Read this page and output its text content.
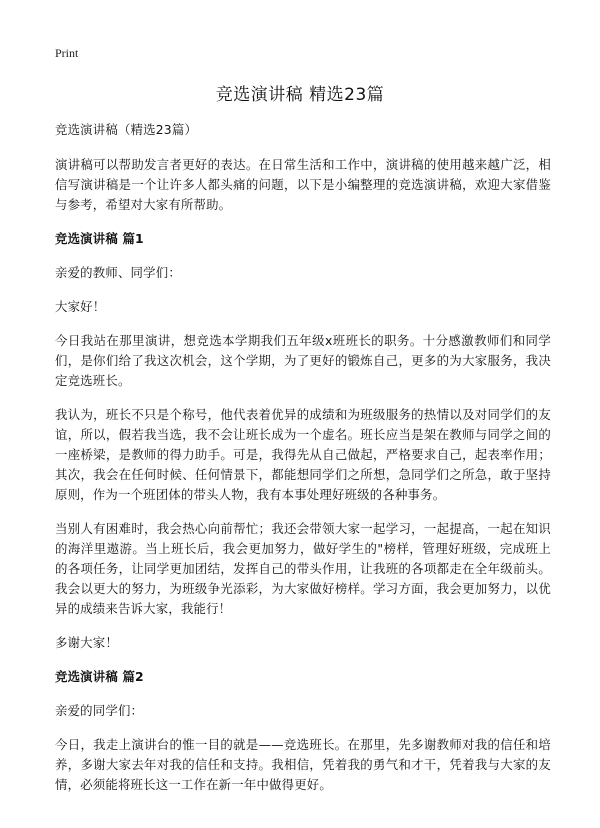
Print
竞选演讲稿 精选23篇

竞选演讲稿（精选23篇）

演讲稿可以帮助发言者更好的表达。在日常生活和工作中，演讲稿的使用越来越广泛，相信写演讲稿是一个让许多人都头痛的问题，以下是小编整理的竞选演讲稿，欢迎大家借鉴与参考，希望对大家有所帮助。

竞选演讲稿 篇1

亲爱的教师、同学们：

大家好！

今日我站在那里演讲，想竞选本学期我们五年级x班班长的职务。十分感激教师们和同学们，是你们给了我这次机会，这个学期，为了更好的锻炼自己，更多的为大家服务，我决定竞选班长。

我认为，班长不只是个称号，他代表着优异的成绩和为班级服务的热情以及对同学们的友谊，所以，假若我当选，我不会让班长成为一个虚名。班长应当是架在教师与同学之间的一座桥梁，是教师的得力助手。可是，我得先从自己做起，严格要求自己，起表率作用；其次，我会在任何时候、任何情景下，都能想同学们之所想，急同学们之所急，敢于坚持原则，作为一个班团体的带头人物，我有本事处理好班级的各种事务。

当别人有困难时，我会热心向前帮忙；我还会带领大家一起学习，一起提高，一起在知识的海洋里遨游。当上班长后，我会更加努力，做好学生的"榜样，管理好班级，完成班上的各项任务，让同学更加团结，发挥自己的带头作用，让我班的各项都走在全年级前头。我会以更大的努力，为班级争光添彩，为大家做好榜样。学习方面，我会更加努力，以优异的成绩来告诉大家，我能行！

多谢大家！

竞选演讲稿 篇2

亲爱的同学们：

今日，我走上演讲台的惟一目的就是——竞选班长。在那里，先多谢教师对我的信任和培养，多谢大家去年对我的信任和支持。我相信，凭着我的勇气和才干，凭着我与大家的友情，必须能将班长这一工作在新一年中做得更好。
